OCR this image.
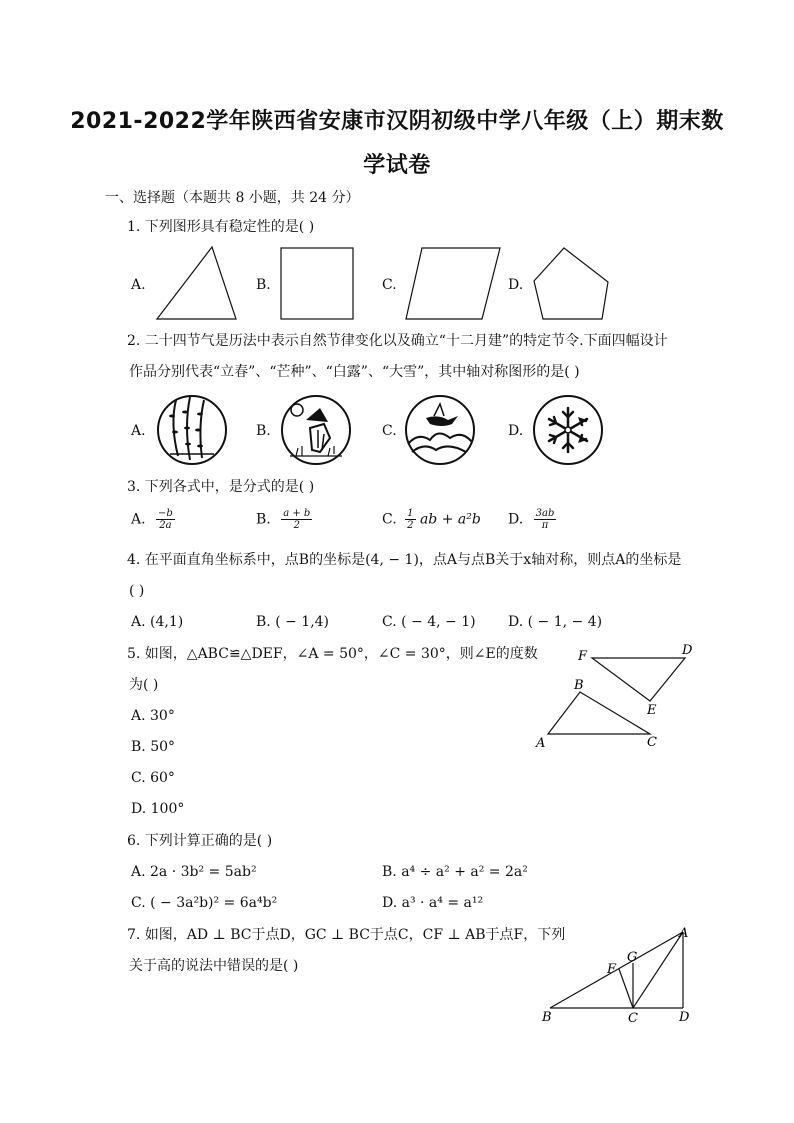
2021-2022学年陕西省安康市汉阴初级中学八年级（上）期末数
学试卷
一、选择题（本题共 8 小题，共 24 分）
1. 下列图形具有稳定性的是( )
A.	B.	C.	D.
2. 二十四节气是历法中表示自然节律变化以及确立“十二月建”的特定节令.下面四幅设计
作品分别代表“立春”、“芒种”、“白露”、“大雪”，其中轴对称图形的是( )
A.	B.	C.	D.
3. 下列各式中，是分式的是( )
A. $\frac{-b}{2a}$	B. $\frac{a + b}{2}$	C. $\frac{1}{2}$ ab + a²b D. $\frac{3ab}{\pi}$
4. 在平面直角坐标系中，点B的坐标是(4, − 1)，点A与点B关于x轴对称，则点A的坐标是
( )
A. (4,1)	B. ( − 1,4)	C. ( − 4, − 1) D. ( − 1, − 4)
5. 如图，△ABC≌△DEF，∠A = 50°，∠C = 30°，则∠E的度数
为( )
A. 30°
B. 50°
C. 60°
D. 100°
F	D
B
E
A	C
6. 下列计算正确的是( )
A. 2a · 3b² = 5ab²	B. a⁴ ÷ a² + a² = 2a²
C. ( − 3a²b)² = 6a⁴b²	D. a³ · a⁴ = a¹²
7. 如图，AD ⊥ BC于点D，GC ⊥ BC于点C，CF ⊥ AB于点F，下列
关于高的说法中错误的是( )
A
G
F
B	C	D
